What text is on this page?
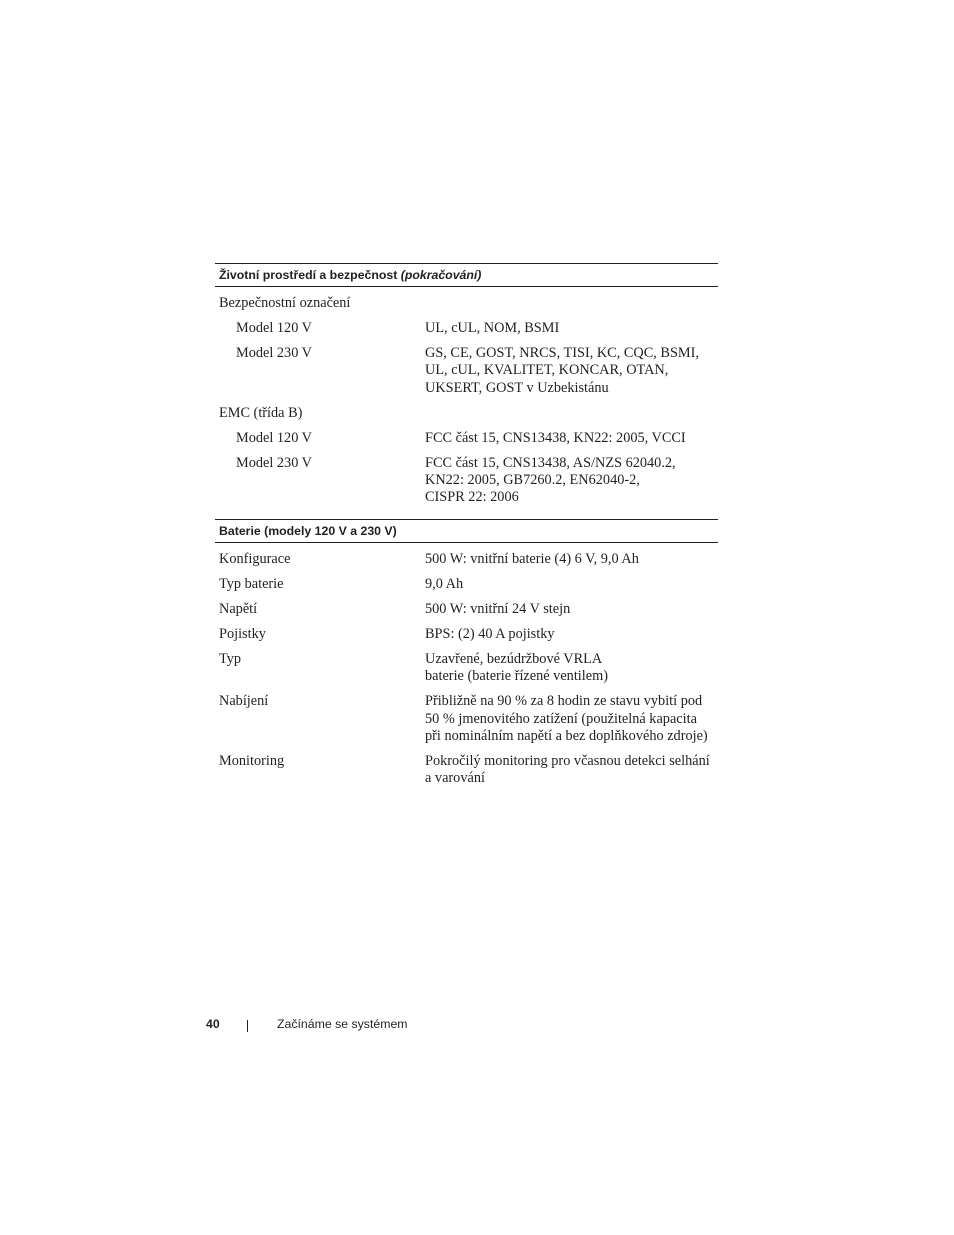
Životní prostředí a bezpečnost (pokračování)
Bezpečnostní označení
Model 120 V	UL, cUL, NOM, BSMI
Model 230 V	GS, CE, GOST, NRCS, TISI, KC, CQC, BSMI,
UL, cUL, KVALITET, KONCAR, OTAN,
UKSERT, GOST v Uzbekistánu
EMC (třída B)
Model 120 V	FCC část 15, CNS13438, KN22: 2005, VCCI
Model 230 V	FCC část 15, CNS13438, AS/NZS 62040.2,
KN22: 2005, GB7260.2, EN62040-2,
CISPR 22: 2006
Baterie (modely 120 V a 230 V)
Konfigurace	500 W: vnitřní baterie (4) 6 V, 9,0 Ah
Typ baterie	9,0 Ah
Napětí	500 W: vnitřní 24 V stejn
Pojistky	BPS: (2) 40 A pojistky
Typ	Uzavřené, bezúdržbové VRLA
baterie (baterie řízené ventilem)
Nabíjení	Přibližně na 90 % za 8 hodin ze stavu vybití pod
50 % jmenovitého zatížení (použitelná kapacita
při nominálním napětí a bez doplňkového zdroje)
Monitoring	Pokročilý monitoring pro včasnou detekci selhání
a varování
40	Začínáme se systémem
